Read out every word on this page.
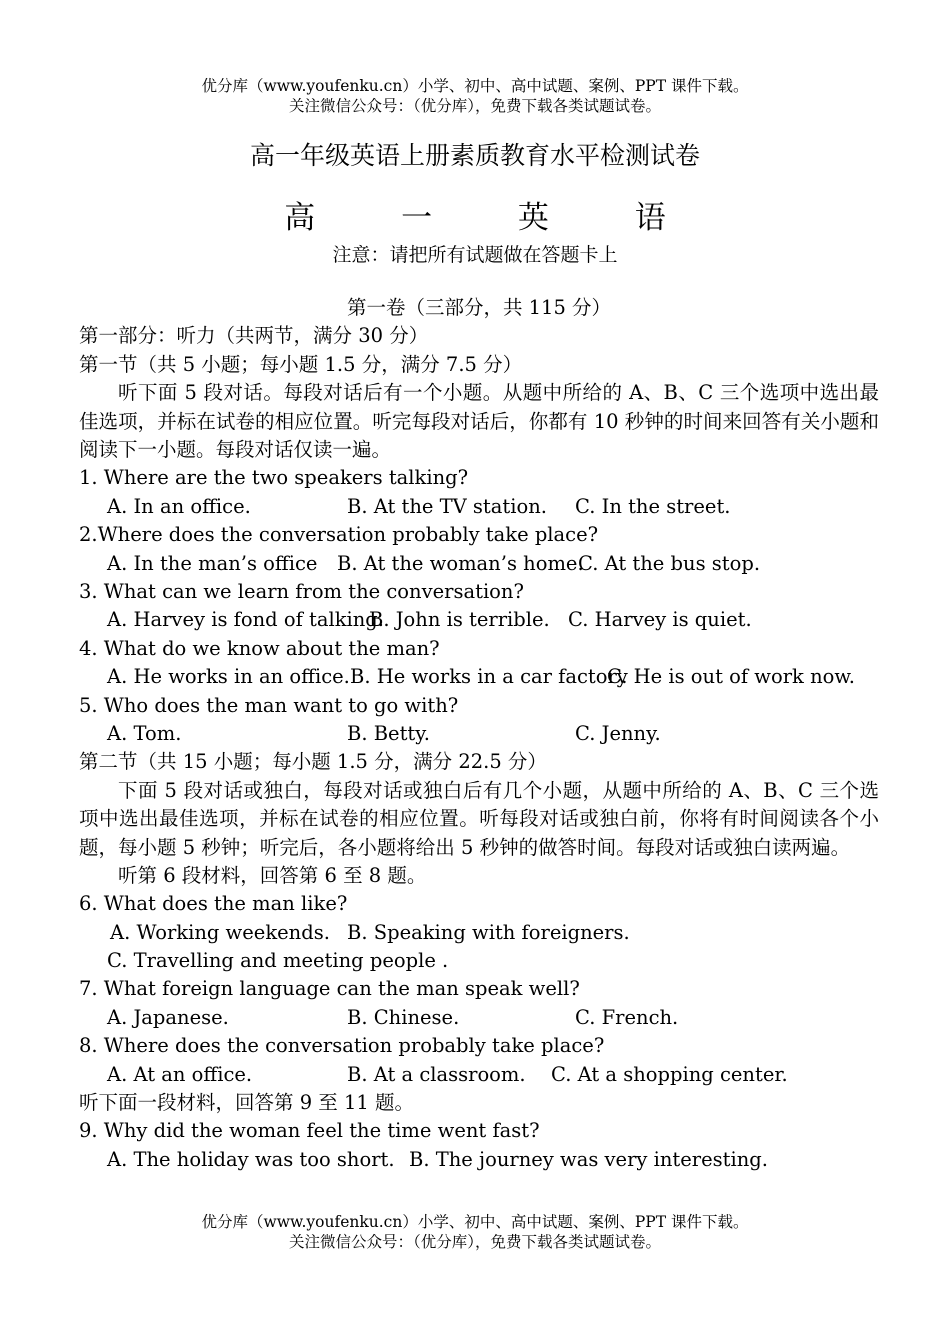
优分库（www.youfenku.cn）小学、初中、高中试题、案例、PPT 课件下载。
关注微信公众号：（优分库），免费下载各类试题试卷。
高一年级英语上册素质教育水平检测试卷
高 一 英 语
注意：请把所有试题做在答题卡上
第一卷（三部分，共 115 分）
第一部分：听力（共两节，满分 30 分）
第一节（共 5 小题；每小题 1.5 分，满分 7.5 分）

听下面 5 段对话。每段对话后有一个小题。从题中所给的 A、B、C 三个选项中选出最佳选项，并标在试卷的相应位置。听完每段对话后，你都有 10 秒钟的时间来回答有关小题和阅读下一小题。每段对话仅读一遍。

1. Where are the two speakers talking?
A. In an office.	B. At the TV station. C. In the street.
2.Where does the conversation probably take place?
A. In the man’s office B. At the woman’s home.
C. At the bus stop.
3. What can we learn from the conversation?
A. Harvey is fond of talking.
B. John is terrible. C. Harvey is quiet.
4. What do we know about the man?
A. He works in an office. B. He works in a car factory
C. He is out of work now.
5. Who does the man want to go with?
A. Tom.	B. Betty.	C. Jenny.
第二节（共 15 小题；每小题 1.5 分，满分 22.5 分）

下面 5 段对话或独白，每段对话或独白后有几个小题，从题中所给的 A、B、C 三个选项中选出最佳选项，并标在试卷的相应位置。听每段对话或独白前，你将有时间阅读各个小题，每小题 5 秒钟；听完后，各小题将给出 5 秒钟的做答时间。每段对话或独白读两遍。

听第 6 段材料，回答第 6 至 8 题。
6. What does the man like?
A. Working weekends. B. Speaking with foreigners.
C. Travelling and meeting people .
7. What foreign language can the man speak well?
A. Japanese.	B. Chinese.	C. French.
8. Where does the conversation probably take place?
A. At an office.	B. At a classroom. C. At a shopping center.
听下面一段材料，回答第 9 至 11 题。
9. Why did the woman feel the time went fast?
A. The holiday was too short. B. The journey was very interesting.
优分库（www.youfenku.cn）小学、初中、高中试题、案例、PPT 课件下载。
关注微信公众号：（优分库），免费下载各类试题试卷。
